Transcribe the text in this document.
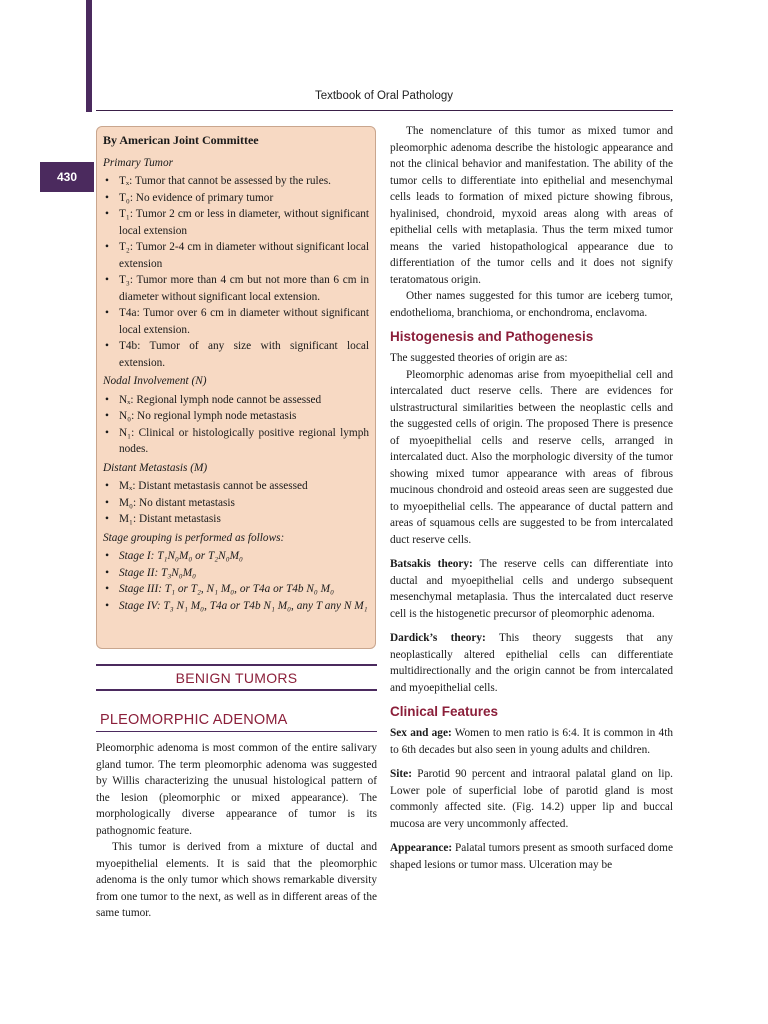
430
Textbook of Oral Pathology
By American Joint Committee
Primary Tumor
• Tₓ: Tumor that cannot be assessed by the rules.
• T₀: No evidence of primary tumor
• T₁: Tumor 2 cm or less in diameter, without significant local extension
• T₂: Tumor 2-4 cm in diameter without significant local extension
• T₃: Tumor more than 4 cm but not more than 6 cm in diameter without significant local extension.
• T4a: Tumor over 6 cm in diameter without significant local extension.
• T4b: Tumor of any size with significant local extension.
Nodal Involvement (N)
• Nₓ: Regional lymph node cannot be assessed
• N₀: No regional lymph node metastasis
• N₁: Clinical or histologically positive regional lymph nodes.
Distant Metastasis (M)
• Mₓ: Distant metastasis cannot be assessed
• M₀: No distant metastasis
• M₁: Distant metastasis
Stage grouping is performed as follows:
• Stage I: T₁N₀M₀ or T₂N₀M₀
• Stage II: T₃N₀M₀
• Stage III: T₁ or T₂, N₁ M₀, or T4a or T4b N₀ M₀
• Stage IV: T₃ N₁ M₀, T4a or T4b N₁ M₀, any T any N M₁
BENIGN TUMORS
PLEOMORPHIC ADENOMA

Pleomorphic adenoma is most common of the entire salivary gland tumor. The term pleomorphic adenoma was suggested by Willis characterizing the unusual histological pattern of the lesion (pleomorphic or mixed appearance). The morphologically diverse appearance of tumor is its pathognomic feature.

This tumor is derived from a mixture of ductal and myoepithelial elements. It is said that the pleomorphic adenoma is the only tumor which shows remarkable diversity from one tumor to the next, as well as in different areas of the same tumor.

The nomenclature of this tumor as mixed tumor and pleomorphic adenoma describe the histologic appearance and not the clinical behavior and manifestation. The ability of the tumor cells to differentiate into epithelial and mesenchymal cells leads to formation of mixed picture showing fibrous, hyalinised, chondroid, myxoid areas along with areas of epithelial cells with metaplasia. Thus the term mixed tumor means the varied histopathological appearance due to differentiation of the tumor cells and it does not signify teratomatous origin.

Other names suggested for this tumor are iceberg tumor, endothelioma, branchioma, or enchondroma, enclavoma.

Histogenesis and Pathogenesis

The suggested theories of origin are as:

Pleomorphic adenomas arise from myoepithelial cell and intercalated duct reserve cells. There are evidences for ulstrastructural similarities between the neoplastic cells and the suggested cells of origin. The proposed There is presence of myoepithelial cells and reserve cells, arranged in intercalated duct. Also the morphologic diversity of the tumor showing mixed tumor appearance with areas of fibrous mucinous chondroid and osteoid areas seen are suggested due to myoepithelial cells. The appearance of ductal pattern and areas of squamous cells are suggested to be from intercalated duct reserve cells.

Batsakis theory: The reserve cells can differentiate into ductal and myoepithelial cells and undergo subsequent mesenchymal metaplasia. Thus the intercalated duct reserve cell is the histogenetic precursor of pleomorphic adenoma.

Dardick’s theory: This theory suggests that any neoplastically altered epithelial cells can differentiate multidirectionally and the origin cannot be from intercalated and myoepithelial cells.

Clinical Features

Sex and age: Women to men ratio is 6:4. It is common in 4th to 6th decades but also seen in young adults and children.

Site: Parotid 90 percent and intraoral palatal gland on lip. Lower pole of superficial lobe of parotid gland is most commonly affected site. (Fig. 14.2) upper lip and buccal mucosa are very uncommonly affected.

Appearance: Palatal tumors present as smooth surfaced dome shaped lesions or tumor mass. Ulceration may be
